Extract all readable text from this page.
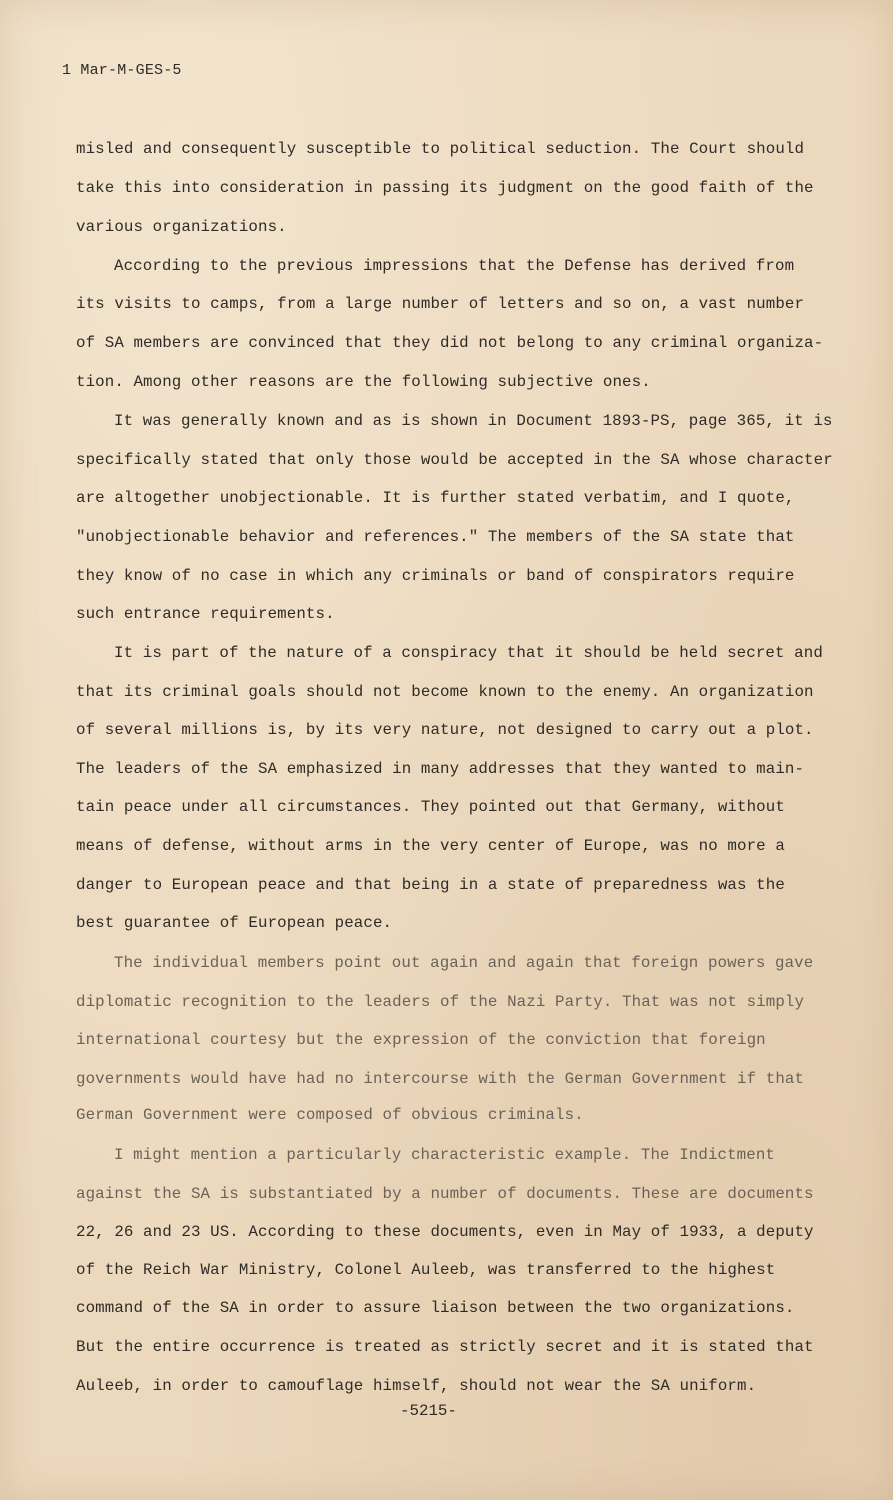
1 Mar-M-GES-5
misled and consequently susceptible to political seduction. The Court should
take this into consideration in passing its judgment on the good faith of the
various organizations.
According to the previous impressions that the Defense has derived from
its visits to camps, from a large number of letters and so on, a vast number
of SA members are convinced that they did not belong to any criminal organiza-
tion. Among other reasons are the following subjective ones.
It was generally known and as is shown in Document 1893-PS, page 365, it is
specifically stated that only those would be accepted in the SA whose character
are altogether unobjectionable. It is further stated verbatim, and I quote,
"unobjectionable behavior and references." The members of the SA state that
they know of no case in which any criminals or band of conspirators require
such entrance requirements.
It is part of the nature of a conspiracy that it should be held secret and
that its criminal goals should not become known to the enemy. An organization
of several millions is, by its very nature, not designed to carry out a plot.
The leaders of the SA emphasized in many addresses that they wanted to main-
tain peace under all circumstances. They pointed out that Germany, without
means of defense, without arms in the very center of Europe, was no more a
danger to European peace and that being in a state of preparedness was the
best guarantee of European peace.
The individual members point out again and again that foreign powers gave
diplomatic recognition to the leaders of the Nazi Party. That was not simply
international courtesy but the expression of the conviction that foreign
governments would have had no intercourse with the German Government if that
German Government were composed of obvious criminals.
I might mention a particularly characteristic example. The Indictment
against the SA is substantiated by a number of documents. These are documents
22, 26 and 23 US. According to these documents, even in May of 1933, a deputy
of the Reich War Ministry, Colonel Auleeb, was transferred to the highest
command of the SA in order to assure liaison between the two organizations.
But the entire occurrence is treated as strictly secret and it is stated that
Auleeb, in order to camouflage himself, should not wear the SA uniform.
-5215-
